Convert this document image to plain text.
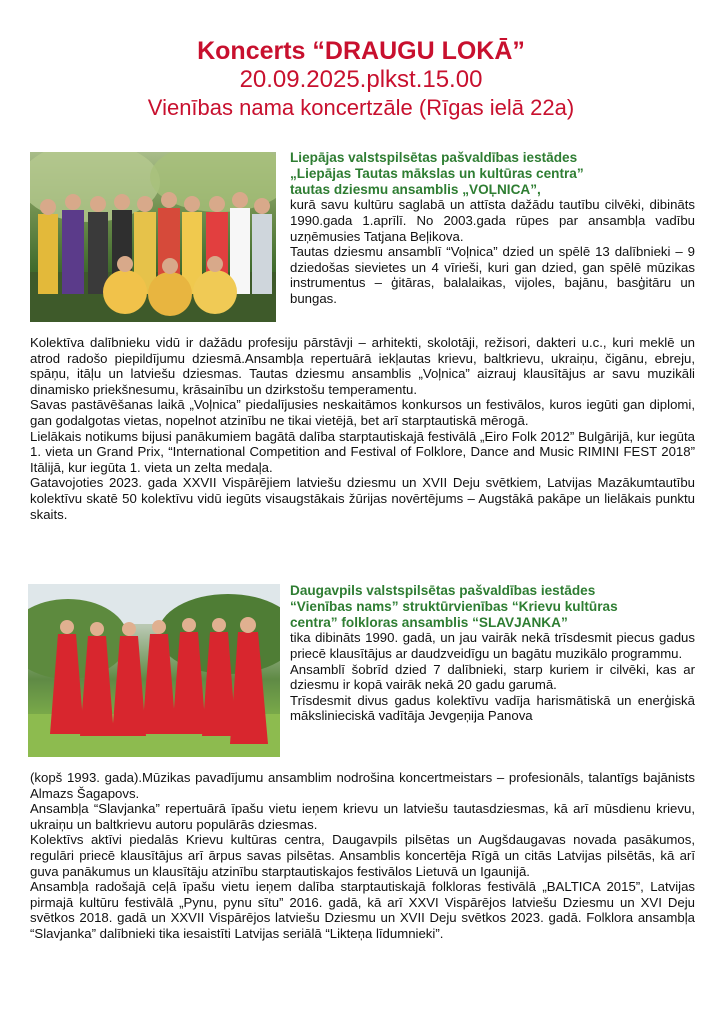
Koncerts “DRAUGU LOKĀ”
20.09.2025.plkst.15.00
Vienības nama koncertzāle (Rīgas ielā 22a)
Liepājas valstspilsētas pašvaldības iestādes
„Liepājas Tautas mākslas un kultūras centra”
tautas dziesmu ansamblis „VOĻNICA”,

kurā savu kultūru saglabā un attīsta dažādu tautību cilvēki, dibināts 1990.gada 1.aprīlī. No 2003.gada rūpes par ansambļa vadību uzņēmusies Tatjana Beļikova.

Tautas dziesmu ansamblī “Voļnica” dzied un spēlē 13 dalībnieki – 9 dziedošas sievietes un 4 vīrieši, kuri gan dzied, gan spēlē mūzikas instrumentus – ģitāras, balalaikas, vijoles, bajānu, basģitāru un bungas.

Kolektīva dalībnieku vidū ir dažādu profesiju pārstāvji – arhitekti, skolotāji, režisori, dakteri u.c., kuri meklē un atrod radošo piepildījumu dziesmā.Ansambļa repertuārā iekļautas krievu, baltkrievu, ukraiņu, čigānu, ebreju, spāņu, itāļu un latviešu dziesmas. Tautas dziesmu ansamblis „Voļnica” aizrauj klausītājus ar savu muzikāli dinamisko priekšnesumu, krāsainību un dzirkstošu temperamentu.

Savas pastāvēšanas laikā „Voļnica” piedalījusies neskaitāmos konkursos un festivālos, kuros iegūti gan diplomi, gan godalgotas vietas, nopelnot atzinību ne tikai vietējā, bet arī starptautiskā mērogā.

Lielākais notikums bijusi panākumiem bagātā dalība starptautiskajā festivālā „Eiro Folk 2012” Bulgārijā, kur iegūta 1. vieta un Grand Prix, “International Competition and Festival of Folklore, Dance and Music RIMINI FEST 2018” Itālijā, kur iegūta 1. vieta un zelta medaļa.

Gatavojoties 2023. gada XXVII Vispārējiem latviešu dziesmu un XVII Deju svētkiem, Latvijas Mazākumtautību kolektīvu skatē 50 kolektīvu vidū iegūts visaugstākais žūrijas novērtējums – Augstākā pakāpe un lielākais punktu skaits.

Daugavpils valstspilsētas pašvaldības iestādes
“Vienības nams” struktūrvienības “Krievu kultūras
centra” folkloras ansamblis “SLAVJANKA”

tika dibināts 1990. gadā, un jau vairāk nekā trīsdesmit piecus gadus priecē klausītājus ar daudzveidīgu un bagātu muzikālo programmu.

Ansamblī šobrīd dzied 7 dalībnieki, starp kuriem ir cilvēki, kas ar dziesmu ir kopā vairāk nekā 20 gadu garumā.

Trīsdesmit divus gadus kolektīvu vadīja harismātiskā un enerģiskā mākslinieciskā vadītāja Jevgeņija Panova

(kopš 1993. gada).Mūzikas pavadījumu ansamblim nodrošina koncertmeistars – profesionāls, talantīgs bajānists Almazs Šagapovs.

Ansambļa “Slavjanka” repertuārā īpašu vietu ieņem krievu un latviešu tautasdziesmas, kā arī mūsdienu krievu, ukraiņu un baltkrievu autoru populārās dziesmas.

Kolektīvs aktīvi piedalās Krievu kultūras centra, Daugavpils pilsētas un Augšdaugavas novada pasākumos, regulāri priecē klausītājus arī ārpus savas pilsētas. Ansamblis koncertēja Rīgā un citās Latvijas pilsētās, kā arī guva panākumus un klausītāju atzinību starptautiskajos festivālos Lietuvā un Igaunijā.

Ansambļa radošajā ceļā īpašu vietu ieņem dalība starptautiskajā folkloras festivālā „BALTICA 2015”, Latvijas pirmajā kultūru festivālā „Pynu, pynu sītu” 2016. gadā, kā arī XXVI Vispārējos latviešu Dziesmu un XVI Deju svētkos 2018. gadā un XXVII Vispārējos latviešu Dziesmu un XVII Deju svētkos 2023. gadā. Folklora ansambļa “Slavjanka” dalībnieki tika iesaistīti Latvijas seriālā “Likteņa līdumnieki”.
